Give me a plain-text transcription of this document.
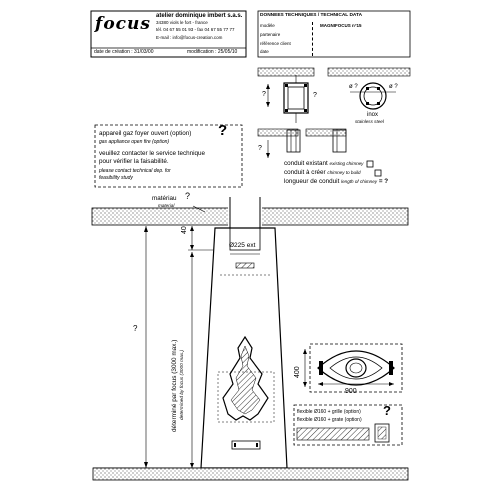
focus atelier dominique imbert s.a.s.
34380 viols le fort - france
tél. 04 67 55 01 93 - fax 04 67 55 77 77
E-mail : info@focus-creation.com
date de création : 31/03/00	modification : 25/05/10
DONNEES TECHNIQUES / TECHNICAL DATA
modèle	MAGNIFOCUS n°15
partenaire
référence client
date
appareil gaz foyer ouvert (option)
gas appliance open fire (option)
veuillez contacter le service technique
pour vérifier la faisabilité.
please contact technical dep. for
feasibility study
?
?	?
ø ?	ø ?
inox
stainless steel
?
conduit existant existing chimney
conduit à créer chimney to build
longueur de conduit length of chimney = ?
matériau
material
?
40
?
Ø225 ext
déterminé par focus (3000 max.) determined by focus (3000 max.)	400
900
flexible Ø160 + grille (option)
flexible Ø160 + grate (option)
?
